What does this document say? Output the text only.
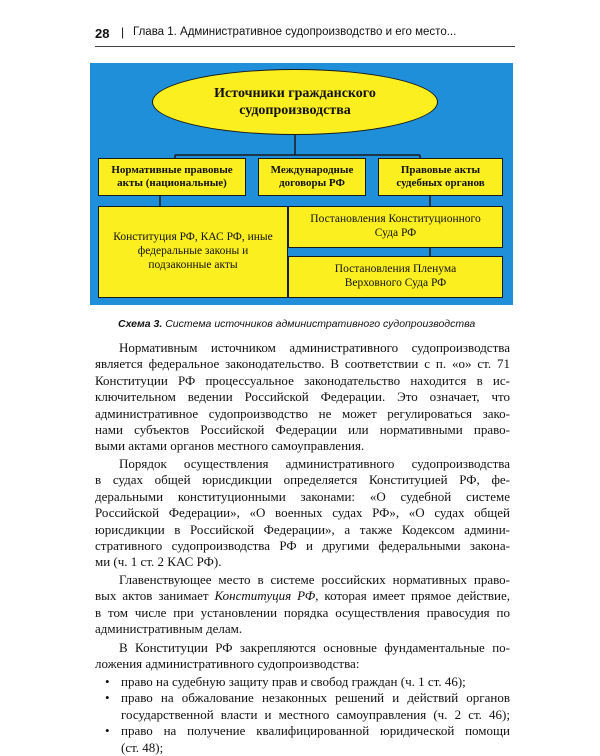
28 | Глава 1. Административное судопроизводство и его место...
Источники гражданского
судопроизводства
Нормативные правовые акты (национальные)
Международные договоры РФ
Правовые акты судебных органов
Конституция РФ, КАС РФ, иные федеральные законы и подзаконные акты
Постановления Конституционного Суда РФ
Постановления Пленума Верховного Суда РФ
Схема 3. Система источников административного судопроизводства
Нормативным источником административного судопроизводства
является федеральное законодательство. В соответствии с п. «о» ст. 71
Конституции РФ процессуальное законодательство находится в ис-
ключительном ведении Российской Федерации. Это означает, что
административное судопроизводство не может регулироваться зако-
нами субъектов Российской Федерации или нормативными право-
выми актами органов местного самоуправления.
Порядок осуществления административного судопроизводства
в судах общей юрисдикции определяется Конституцией РФ, фе-
деральными конституционными законами: «О судебной системе
Российской Федерации», «О военных судах РФ», «О судах общей
юрисдикции в Российской Федерации», а также Кодексом админи-
стративного судопроизводства РФ и другими федеральными закона-
ми (ч. 1 ст. 2 КАС РФ).
Главенствующее место в системе российских нормативных право-
вых актов занимает Конституция РФ, которая имеет прямое действие,
в том числе при установлении порядка осуществления правосудия по
административным делам.
В Конституции РФ закрепляются основные фундаментальные по-
ложения административного судопроизводства:
• право на судебную защиту прав и свобод граждан (ч. 1 ст. 46);
• право на обжалование незаконных решений и действий органов
государственной власти и местного самоуправления (ч. 2 ст. 46);
• право на получение квалифицированной юридической помощи
(ст. 48);
